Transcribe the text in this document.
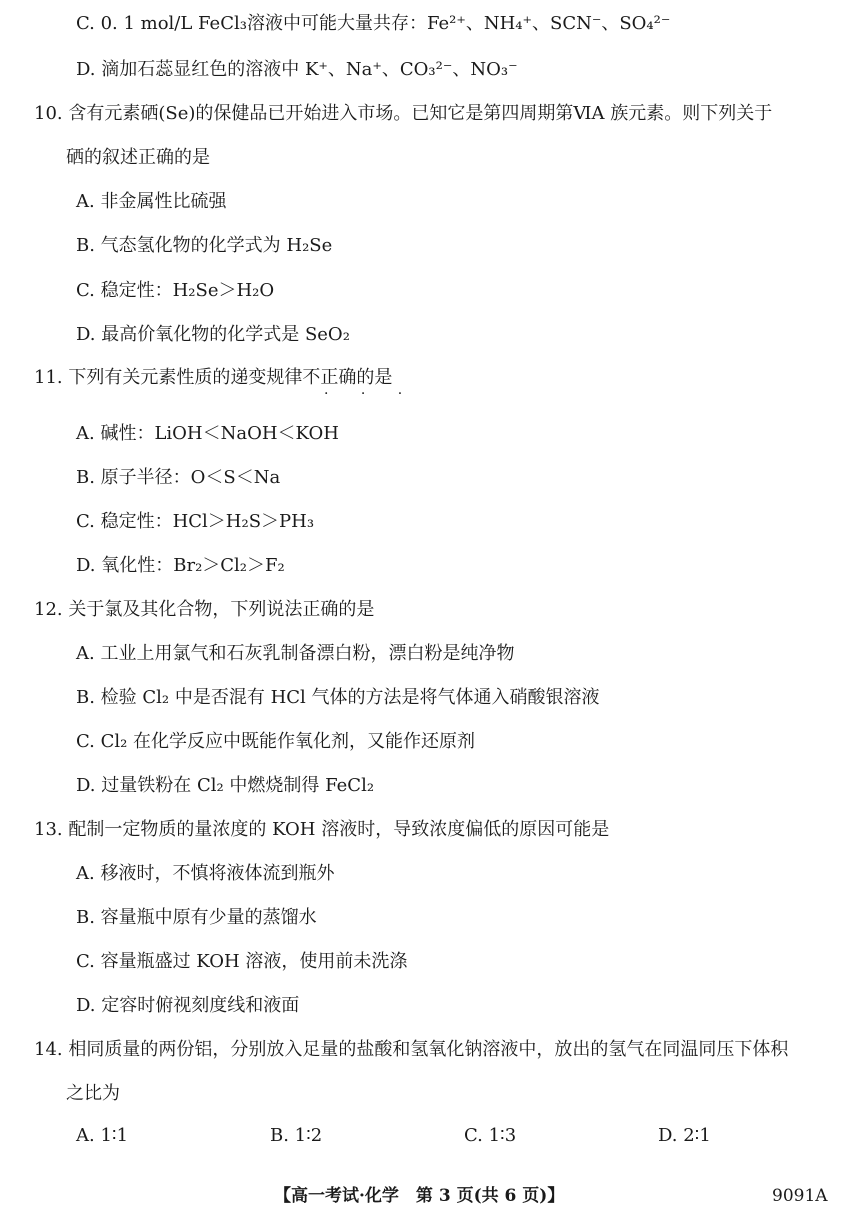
C. 0. 1 mol/L FeCl₃溶液中可能大量共存：Fe²⁺、NH₄⁺、SCN⁻、SO₄²⁻
D. 滴加石蕊显红色的溶液中 K⁺、Na⁺、CO₃²⁻、NO₃⁻
10. 含有元素硒(Se)的保健品已开始进入市场。已知它是第四周期第ⅥA 族元素。则下列关于
硒的叙述正确的是
A. 非金属性比硫强
B. 气态氢化物的化学式为 H₂Se
C. 稳定性：H₂Se＞H₂O
D. 最高价氧化物的化学式是 SeO₂
11. 下列有关元素性质的递变规律不正确的是
· · ·
A. 碱性：LiOH＜NaOH＜KOH
B. 原子半径：O＜S＜Na
C. 稳定性：HCl＞H₂S＞PH₃
D. 氧化性：Br₂＞Cl₂＞F₂
12. 关于氯及其化合物，下列说法正确的是
A. 工业上用氯气和石灰乳制备漂白粉，漂白粉是纯净物
B. 检验 Cl₂ 中是否混有 HCl 气体的方法是将气体通入硝酸银溶液
C. Cl₂ 在化学反应中既能作氧化剂，又能作还原剂
D. 过量铁粉在 Cl₂ 中燃烧制得 FeCl₂
13. 配制一定物质的量浓度的 KOH 溶液时，导致浓度偏低的原因可能是
A. 移液时，不慎将液体流到瓶外
B. 容量瓶中原有少量的蒸馏水
C. 容量瓶盛过 KOH 溶液，使用前未洗涤
D. 定容时俯视刻度线和液面
14. 相同质量的两份铝，分别放入足量的盐酸和氢氧化钠溶液中，放出的氢气在同温同压下体积
之比为
A. 1∶1	B. 1∶2	C. 1∶3	D. 2∶1
【高一考试·化学　第 3 页(共 6 页)】	9091A
